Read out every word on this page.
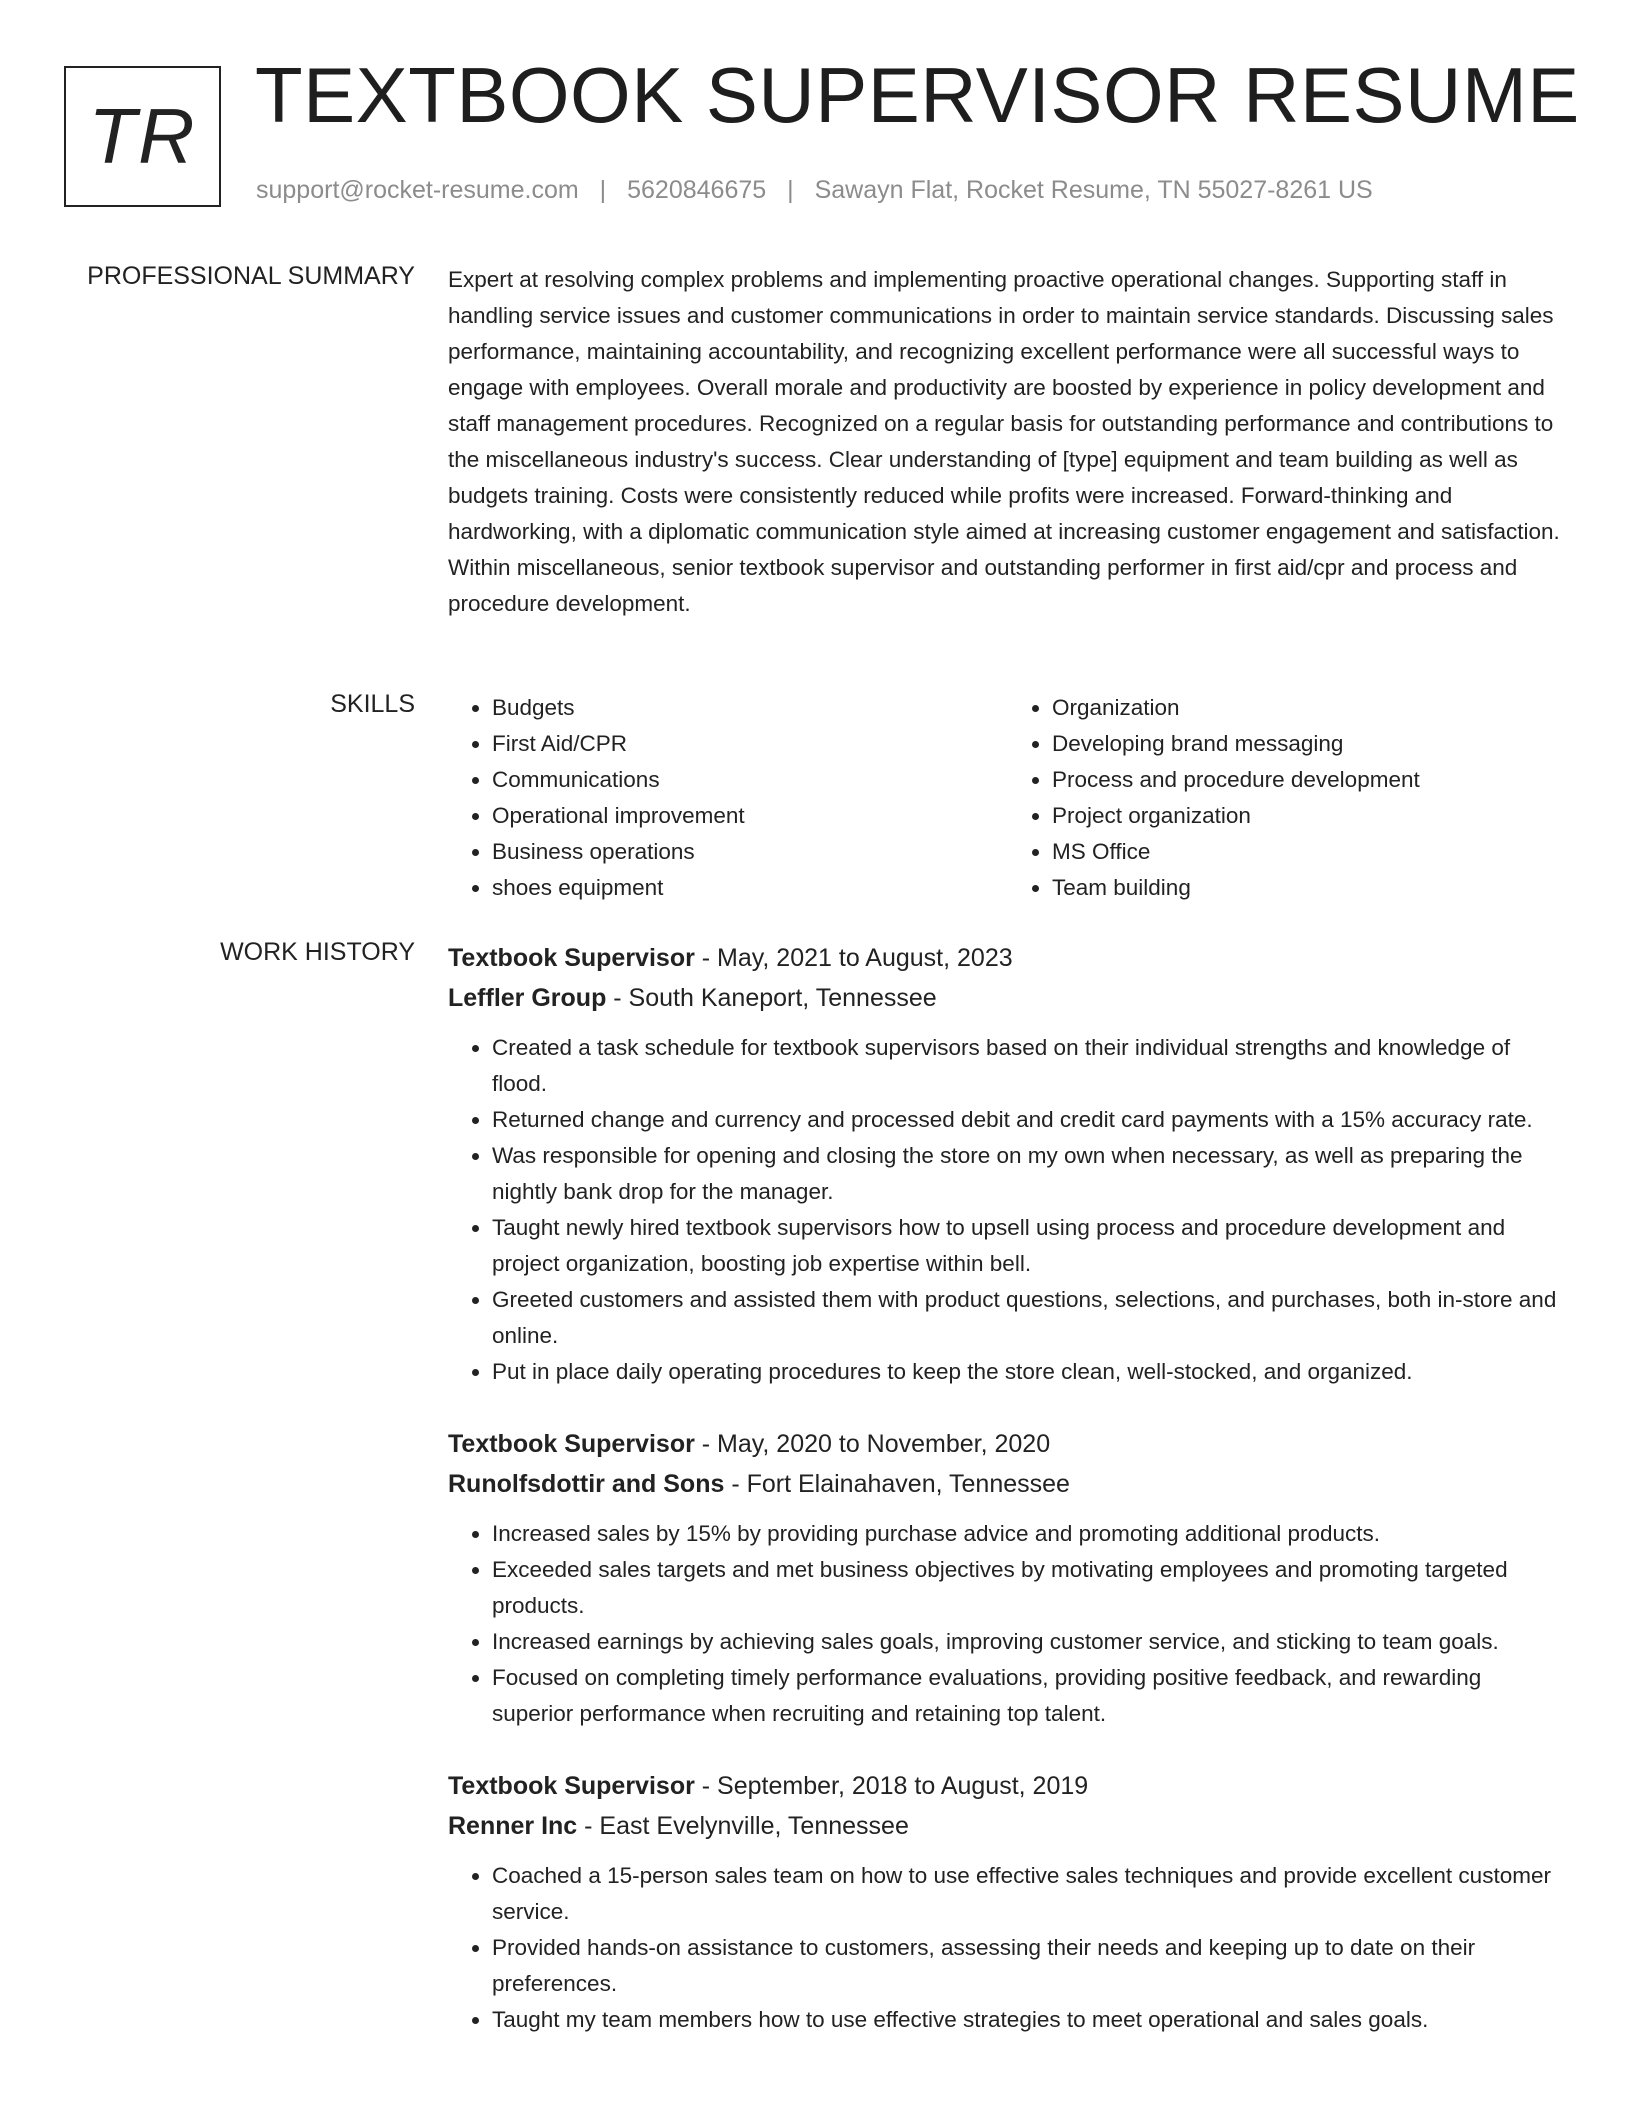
TR TEXTBOOK SUPERVISOR RESUME
support@rocket-resume.com | 5620846675 | Sawayn Flat, Rocket Resume, TN 55027-8261 US
PROFESSIONAL SUMMARY Expert at resolving complex problems and implementing proactive operational changes. Supporting staff in handling service issues and customer communications in order to maintain service standards. Discussing sales performance, maintaining accountability, and recognizing excellent performance were all successful ways to engage with employees. Overall morale and productivity are boosted by experience in policy development and staff management procedures. Recognized on a regular basis for outstanding performance and contributions to the miscellaneous industry's success. Clear understanding of [type] equipment and team building as well as budgets training. Costs were consistently reduced while profits were increased. Forward-thinking and hardworking, with a diplomatic communication style aimed at increasing customer engagement and satisfaction. Within miscellaneous, senior textbook supervisor and outstanding performer in first aid/cpr and process and procedure development.
SKILLS
•	Budgets
• First Aid/CPR
• Communications
• Operational improvement
• Business operations
• shoes equipment
• Organization
• Developing brand messaging
• Process and procedure development
• Project organization
• MS Office
• Team building
WORK HISTORY Textbook Supervisor - May, 2021 to August, 2023
Leffler Group - South Kaneport, Tennessee
• Created a task schedule for textbook supervisors based on their individual strengths and knowledge of flood.
• Returned change and currency and processed debit and credit card payments with a 15% accuracy rate.
• Was responsible for opening and closing the store on my own when necessary, as well as preparing the nightly bank drop for the manager.
• Taught newly hired textbook supervisors how to upsell using process and procedure development and project organization, boosting job expertise within bell.
• Greeted customers and assisted them with product questions, selections, and purchases, both in-store and online.
• Put in place daily operating procedures to keep the store clean, well-stocked, and organized.
Textbook Supervisor - May, 2020 to November, 2020
Runolfsdottir and Sons - Fort Elainahaven, Tennessee
• Increased sales by 15% by providing purchase advice and promoting additional products.
• Exceeded sales targets and met business objectives by motivating employees and promoting targeted products.
• Increased earnings by achieving sales goals, improving customer service, and sticking to team goals.
• Focused on completing timely performance evaluations, providing positive feedback, and rewarding superior performance when recruiting and retaining top talent.
Textbook Supervisor - September, 2018 to August, 2019
Renner Inc - East Evelynville, Tennessee
• Coached a 15-person sales team on how to use effective sales techniques and provide excellent customer service.
• Provided hands-on assistance to customers, assessing their needs and keeping up to date on their preferences.
• Taught my team members how to use effective strategies to meet operational and sales goals.
